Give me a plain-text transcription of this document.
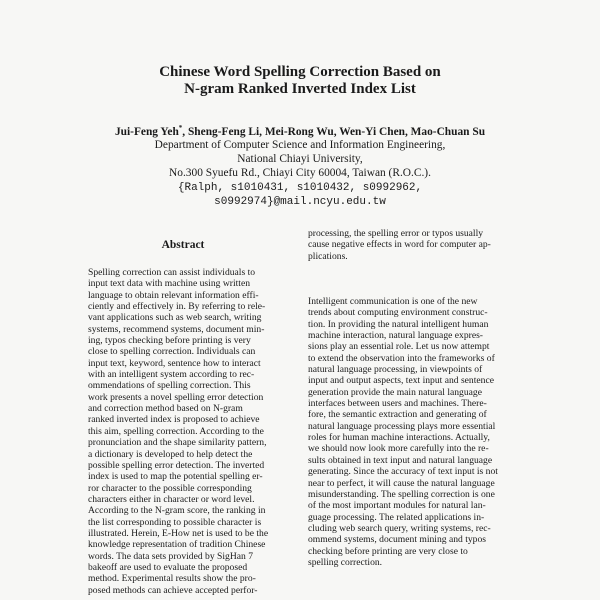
Chinese Word Spelling Correction Based on
N-gram Ranked Inverted Index List
Jui-Feng Yeh*, Sheng-Feng Li, Mei-Rong Wu, Wen-Yi Chen, Mao-Chuan Su
Department of Computer Science and Information Engineering,
National Chiayi University,
No.300 Syuefu Rd., Chiayi City 60004, Taiwan (R.O.C.).
{Ralph, s1010431, s1010432, s0992962,
s0992974}@mail.ncyu.edu.tw
Abstract
Spelling correction can assist individuals to
input text data with machine using written
language to obtain relevant information effi-
ciently and effectively in. By referring to rele-
vant applications such as web search, writing
systems, recommend systems, document min-
ing, typos checking before printing is very
close to spelling correction. Individuals can
input text, keyword, sentence how to interact
with an intelligent system according to rec-
ommendations of spelling correction. This
work presents a novel spelling error detection
and correction method based on N-gram
ranked inverted index is proposed to achieve
this aim, spelling correction. According to the
pronunciation and the shape similarity pattern,
a dictionary is developed to help detect the
possible spelling error detection. The inverted
index is used to map the potential spelling er-
ror character to the possible corresponding
characters either in character or word level.
According to the N-gram score, the ranking in
the list corresponding to possible character is
illustrated. Herein, E-How net is used to be the
knowledge representation of tradition Chinese
words. The data sets provided by SigHan 7
bakeoff are used to evaluate the proposed
method. Experimental results show the pro-
posed methods can achieve accepted perfor-
processing, the spelling error or typos usually
cause negative effects in word for computer ap-
plications.
Intelligent communication is one of the new
trends about computing environment construc-
tion. In providing the natural intelligent human
machine interaction, natural language expres-
sions play an essential role. Let us now attempt
to extend the observation into the frameworks of
natural language processing, in viewpoints of
input and output aspects, text input and sentence
generation provide the main natural language
interfaces between users and machines. There-
fore, the semantic extraction and generating of
natural language processing plays more essential
roles for human machine interactions. Actually,
we should now look more carefully into the re-
sults obtained in text input and natural language
generating. Since the accuracy of text input is not
near to perfect, it will cause the natural language
misunderstanding. The spelling correction is one
of the most important modules for natural lan-
guage processing. The related applications in-
cluding web search query, writing systems, rec-
ommend systems, document mining and typos
checking before printing are very close to
spelling correction.
